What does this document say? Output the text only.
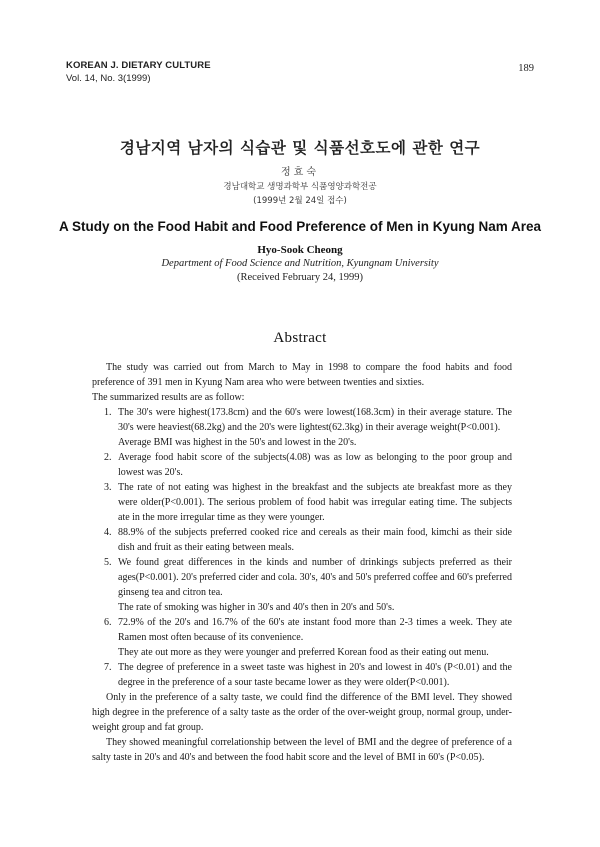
KOREAN J. DIETARY CULTURE
Vol. 14, No. 3(1999)
189
경남지역 남자의 식습관 및 식품선호도에 관한 연구
정효숙
경남대학교 생명과학부 식품영양과학전공
(1999년 2월 24일 접수)
A Study on the Food Habit and Food Preference of Men in Kyung Nam Area
Hyo-Sook Cheong
Department of Food Science and Nutrition, Kyungnam University
(Received February 24, 1999)
Abstract

The study was carried out from March to May in 1998 to compare the food habits and food preference of 391 men in Kyung Nam area who were between twenties and sixties.

The summarized results are as follow:

1. The 30's were highest(173.8cm) and the 60's were lowest(168.3cm) in their average stature. The 30's were heaviest(68.2kg) and the 20's were lightest(62.3kg) in their average weight(P<0.001).

Average BMI was highest in the 50's and lowest in the 20's.

2. Average food habit score of the subjects(4.08) was as low as belonging to the poor group and lowest was 20's.

3. The rate of not eating was highest in the breakfast and the subjects ate breakfast more as they were older(P<0.001). The serious problem of food habit was irregular eating time. The subjects ate in the more irregular time as they were younger.

4. 88.9% of the subjects preferred cooked rice and cereals as their main food, kimchi as their side dish and fruit as their eating between meals.

5. We found great differences in the kinds and number of drinkings subjects preferred as their ages(P<0.001). 20's preferred cider and cola. 30's, 40's and 50's preferred coffee and 60's preferred ginseng tea and citron tea.

The rate of smoking was higher in 30's and 40's then in 20's and 50's.

6. 72.9% of the 20's and 16.7% of the 60's ate instant food more than 2-3 times a week. They ate Ramen most often because of its convenience.

They ate out more as they were younger and preferred Korean food as their eating out menu.

7. The degree of preference in a sweet taste was highest in 20's and lowest in 40's (P<0.01) and the degree in the preference of a sour taste became lower as they were older(P<0.001).

Only in the preference of a salty taste, we could find the difference of the BMI level. They showed high degree in the preference of a salty taste as the order of the over-weight group, normal group, under-weight group and fat group.

They showed meaningful correlationship between the level of BMI and the degree of preference of a salty taste in 20's and 40's and between the food habit score and the level of BMI in 60's (P<0.05).
